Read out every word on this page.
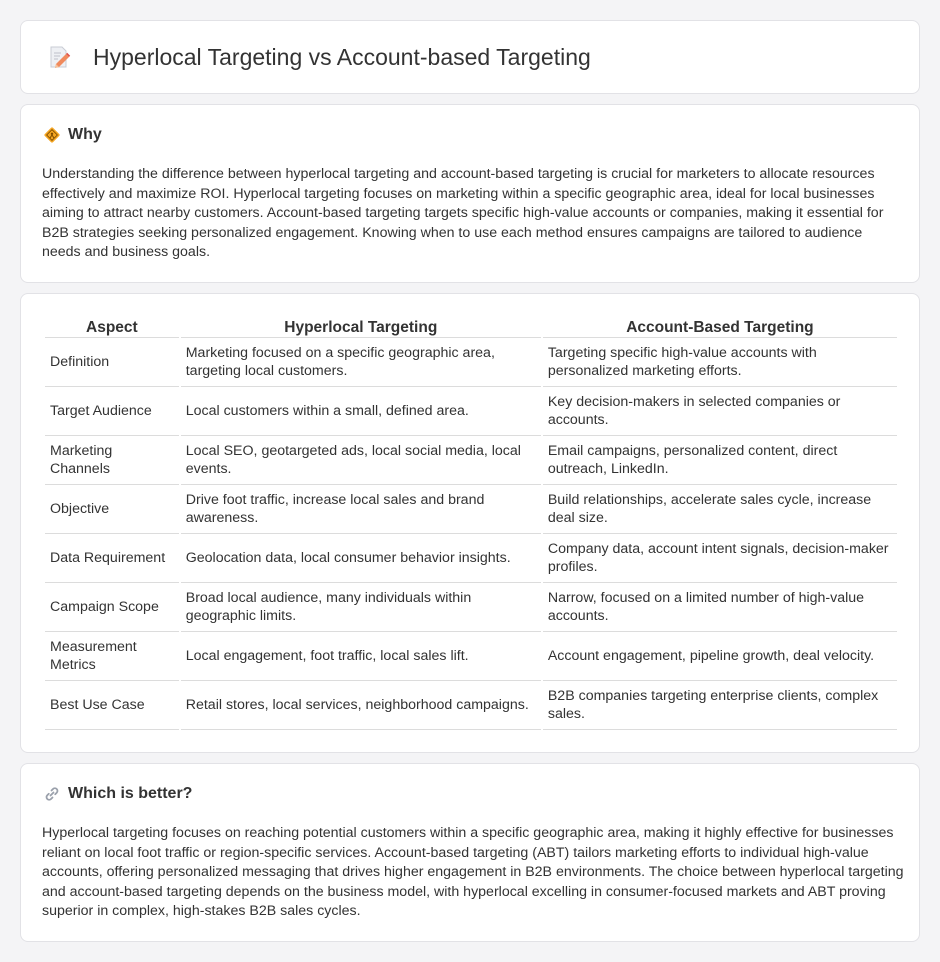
Hyperlocal Targeting vs Account-based Targeting
Why

Understanding the difference between hyperlocal targeting and account-based targeting is crucial for marketers to allocate resources effectively and maximize ROI. Hyperlocal targeting focuses on marketing within a specific geographic area, ideal for local businesses aiming to attract nearby customers. Account-based targeting targets specific high-value accounts or companies, making it essential for B2B strategies seeking personalized engagement. Knowing when to use each method ensures campaigns are tailored to audience needs and business goals.

Aspect	Hyperlocal Targeting	Account-Based Targeting
Definition	Marketing focused on a specific geographic area, targeting local customers.	Targeting specific high-value accounts with personalized marketing efforts.
Target Audience	Local customers within a small, defined area.	Key decision-makers in selected companies or accounts.
Marketing Channels	Local SEO, geotargeted ads, local social media, local events.	Email campaigns, personalized content, direct outreach, LinkedIn.
Objective	Drive foot traffic, increase local sales and brand awareness.	Build relationships, accelerate sales cycle, increase deal size.
Data Requirement	Geolocation data, local consumer behavior insights.	Company data, account intent signals, decision-maker profiles.
Campaign Scope	Broad local audience, many individuals within geographic limits.	Narrow, focused on a limited number of high-value accounts.
Measurement Metrics	Local engagement, foot traffic, local sales lift.	Account engagement, pipeline growth, deal velocity.
Best Use Case	Retail stores, local services, neighborhood campaigns.	B2B companies targeting enterprise clients, complex sales.
Which is better?

Hyperlocal targeting focuses on reaching potential customers within a specific geographic area, making it highly effective for businesses reliant on local foot traffic or region-specific services. Account-based targeting (ABT) tailors marketing efforts to individual high-value accounts, offering personalized messaging that drives higher engagement in B2B environments. The choice between hyperlocal targeting and account-based targeting depends on the business model, with hyperlocal excelling in consumer-focused markets and ABT proving superior in complex, high-stakes B2B sales cycles.
